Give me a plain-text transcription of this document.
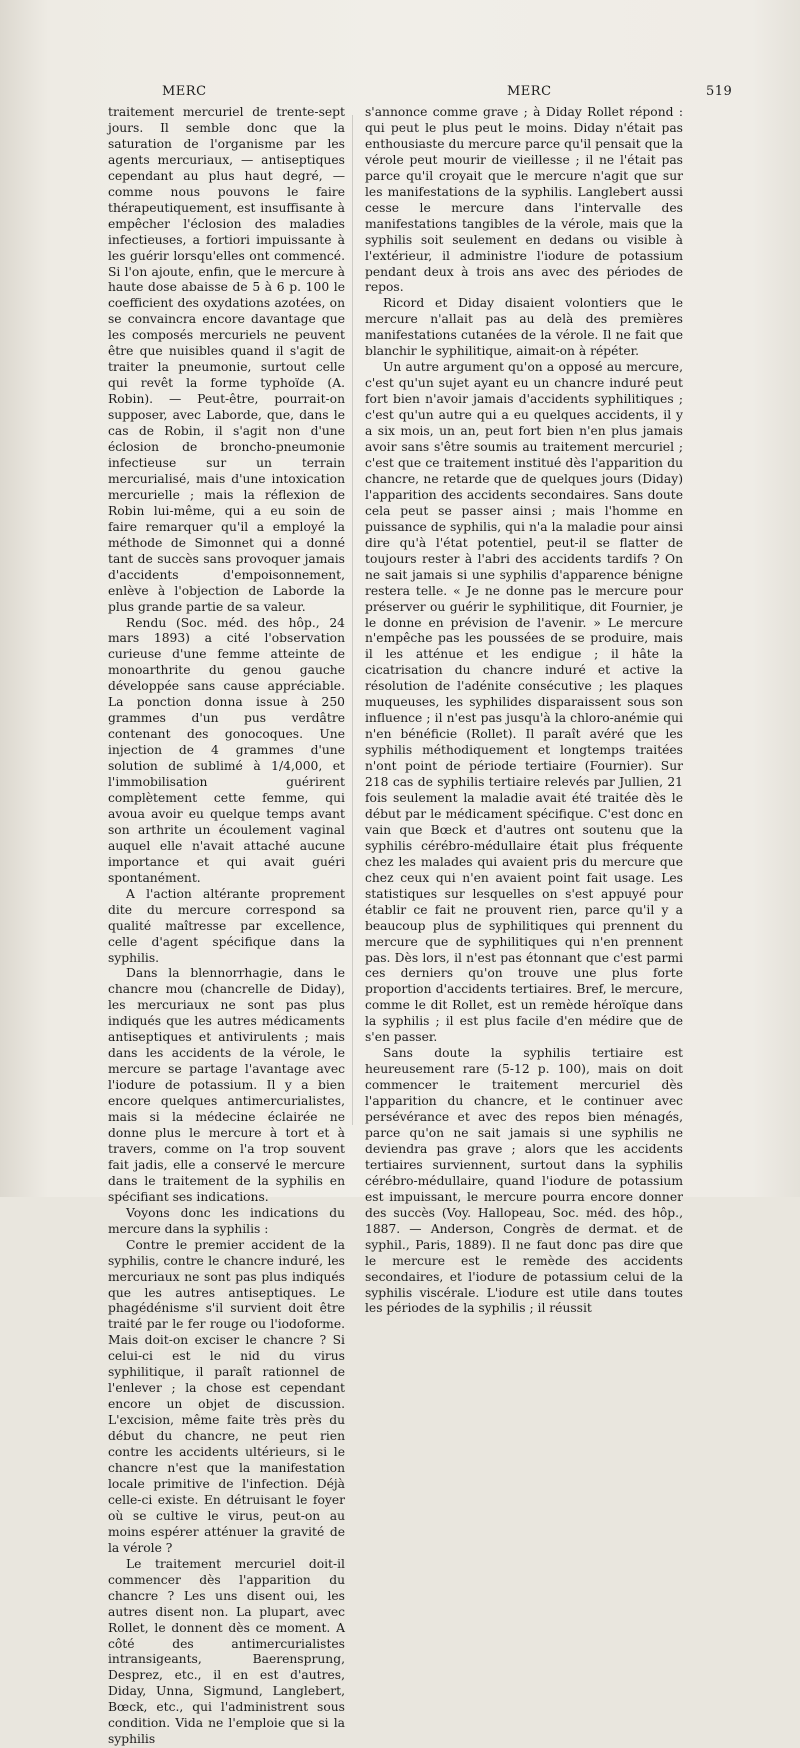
MERC	MERC	519

traitement mercuriel de trente-sept jours. Il semble donc que la saturation de l'organisme par les agents mercuriaux, — antiseptiques cependant au plus haut degré, — comme nous pouvons le faire thérapeutiquement, est insuffisante à empêcher l'éclosion des maladies infectieuses, a fortiori impuissante à les guérir lorsqu'elles ont commencé. Si l'on ajoute, enfin, que le mercure à haute dose abaisse de 5 à 6 p. 100 le coefficient des oxydations azotées, on se convaincra encore davantage que les composés mercuriels ne peuvent être que nuisibles quand il s'agit de traiter la pneumonie, surtout celle qui revêt la forme typhoïde (A. Robin). — Peut-être, pourrait-on supposer, avec Laborde, que, dans le cas de Robin, il s'agit non d'une éclosion de broncho-pneumonie infectieuse sur un terrain mercurialisé, mais d'une intoxication mercurielle ; mais la réflexion de Robin lui-même, qui a eu soin de faire remarquer qu'il a employé la méthode de Simonnet qui a donné tant de succès sans provoquer jamais d'accidents d'empoisonnement, enlève à l'objection de Laborde la plus grande partie de sa valeur.

Rendu (Soc. méd. des hôp., 24 mars 1893) a cité l'observation curieuse d'une femme atteinte de monoarthrite du genou gauche développée sans cause appréciable. La ponction donna issue à 250 grammes d'un pus verdâtre contenant des gonocoques. Une injection de 4 grammes d'une solution de sublimé à 1/4,000, et l'immobilisation guérirent complètement cette femme, qui avoua avoir eu quelque temps avant son arthrite un écoulement vaginal auquel elle n'avait attaché aucune importance et qui avait guéri spontanément.

A l'action altérante proprement dite du mercure correspond sa qualité maîtresse par excellence, celle d'agent spécifique dans la syphilis.

Dans la blennorrhagie, dans le chancre mou (chancrelle de Diday), les mercuriaux ne sont pas plus indiqués que les autres médicaments antiseptiques et antivirulents ; mais dans les accidents de la vérole, le mercure se partage l'avantage avec l'iodure de potassium. Il y a bien encore quelques antimercurialistes, mais si la médecine éclairée ne donne plus le mercure à tort et à travers, comme on l'a trop souvent fait jadis, elle a conservé le mercure dans le traitement de la syphilis en spécifiant ses indications.

Voyons donc les indications du mercure dans la syphilis :

Contre le premier accident de la syphilis, contre le chancre induré, les mercuriaux ne sont pas plus indiqués que les autres antiseptiques. Le phagédénisme s'il survient doit être traité par le fer rouge ou l'iodoforme. Mais doit-on exciser le chancre ? Si celui-ci est le nid du virus syphilitique, il paraît rationnel de l'enlever ; la chose est cependant encore un objet de discussion. L'excision, même faite très près du début du chancre, ne peut rien contre les accidents ultérieurs, si le chancre n'est que la manifestation locale primitive de l'infection. Déjà celle-ci existe. En détruisant le foyer où se cultive le virus, peut-on au moins espérer atténuer la gravité de la vérole ?

Le traitement mercuriel doit-il commencer dès l'apparition du chancre ? Les uns disent oui, les autres disent non. La plupart, avec Rollet, le donnent dès ce moment. A côté des antimercurialistes intransigeants, Baerensprung, Desprez, etc., il en est d'autres, Diday, Unna, Sigmund, Langlebert, Bœck, etc., qui l'administrent sous condition. Vida ne l'emploie que si la syphilis

s'annonce comme grave ; à Diday Rollet répond : qui peut le plus peut le moins. Diday n'était pas enthousiaste du mercure parce qu'il pensait que la vérole peut mourir de vieillesse ; il ne l'était pas parce qu'il croyait que le mercure n'agit que sur les manifestations de la syphilis. Langlebert aussi cesse le mercure dans l'intervalle des manifestations tangibles de la vérole, mais que la syphilis soit seulement en dedans ou visible à l'extérieur, il administre l'iodure de potassium pendant deux à trois ans avec des périodes de repos.

Ricord et Diday disaient volontiers que le mercure n'allait pas au delà des premières manifestations cutanées de la vérole. Il ne fait que blanchir le syphilitique, aimait-on à répéter.

Un autre argument qu'on a opposé au mercure, c'est qu'un sujet ayant eu un chancre induré peut fort bien n'avoir jamais d'accidents syphilitiques ; c'est qu'un autre qui a eu quelques accidents, il y a six mois, un an, peut fort bien n'en plus jamais avoir sans s'être soumis au traitement mercuriel ; c'est que ce traitement institué dès l'apparition du chancre, ne retarde que de quelques jours (Diday) l'apparition des accidents secondaires. Sans doute cela peut se passer ainsi ; mais l'homme en puissance de syphilis, qui n'a la maladie pour ainsi dire qu'à l'état potentiel, peut-il se flatter de toujours rester à l'abri des accidents tardifs ? On ne sait jamais si une syphilis d'apparence bénigne restera telle. « Je ne donne pas le mercure pour préserver ou guérir le syphilitique, dit Fournier, je le donne en prévision de l'avenir. » Le mercure n'empêche pas les poussées de se produire, mais il les atténue et les endigue ; il hâte la cicatrisation du chancre induré et active la résolution de l'adénite consécutive ; les plaques muqueuses, les syphilides disparaissent sous son influence ; il n'est pas jusqu'à la chloro-anémie qui n'en bénéficie (Rollet). Il paraît avéré que les syphilis méthodiquement et longtemps traitées n'ont point de période tertiaire (Fournier). Sur 218 cas de syphilis tertiaire relevés par Jullien, 21 fois seulement la maladie avait été traitée dès le début par le médicament spécifique. C'est donc en vain que Bœck et d'autres ont soutenu que la syphilis cérébro-médullaire était plus fréquente chez les malades qui avaient pris du mercure que chez ceux qui n'en avaient point fait usage. Les statistiques sur lesquelles on s'est appuyé pour établir ce fait ne prouvent rien, parce qu'il y a beaucoup plus de syphilitiques qui prennent du mercure que de syphilitiques qui n'en prennent pas. Dès lors, il n'est pas étonnant que c'est parmi ces derniers qu'on trouve une plus forte proportion d'accidents tertiaires. Bref, le mercure, comme le dit Rollet, est un remède héroïque dans la syphilis ; il est plus facile d'en médire que de s'en passer.

Sans doute la syphilis tertiaire est heureusement rare (5-12 p. 100), mais on doit commencer le traitement mercuriel dès l'apparition du chancre, et le continuer avec persévérance et avec des repos bien ménagés, parce qu'on ne sait jamais si une syphilis ne deviendra pas grave ; alors que les accidents tertiaires surviennent, surtout dans la syphilis cérébro-médullaire, quand l'iodure de potassium est impuissant, le mercure pourra encore donner des succès (Voy. Hallopeau, Soc. méd. des hôp., 1887. — Anderson, Congrès de dermat. et de syphil., Paris, 1889). Il ne faut donc pas dire que le mercure est le remède des accidents secondaires, et l'iodure de potassium celui de la syphilis viscérale. L'iodure est utile dans toutes les périodes de la syphilis ; il réussit
